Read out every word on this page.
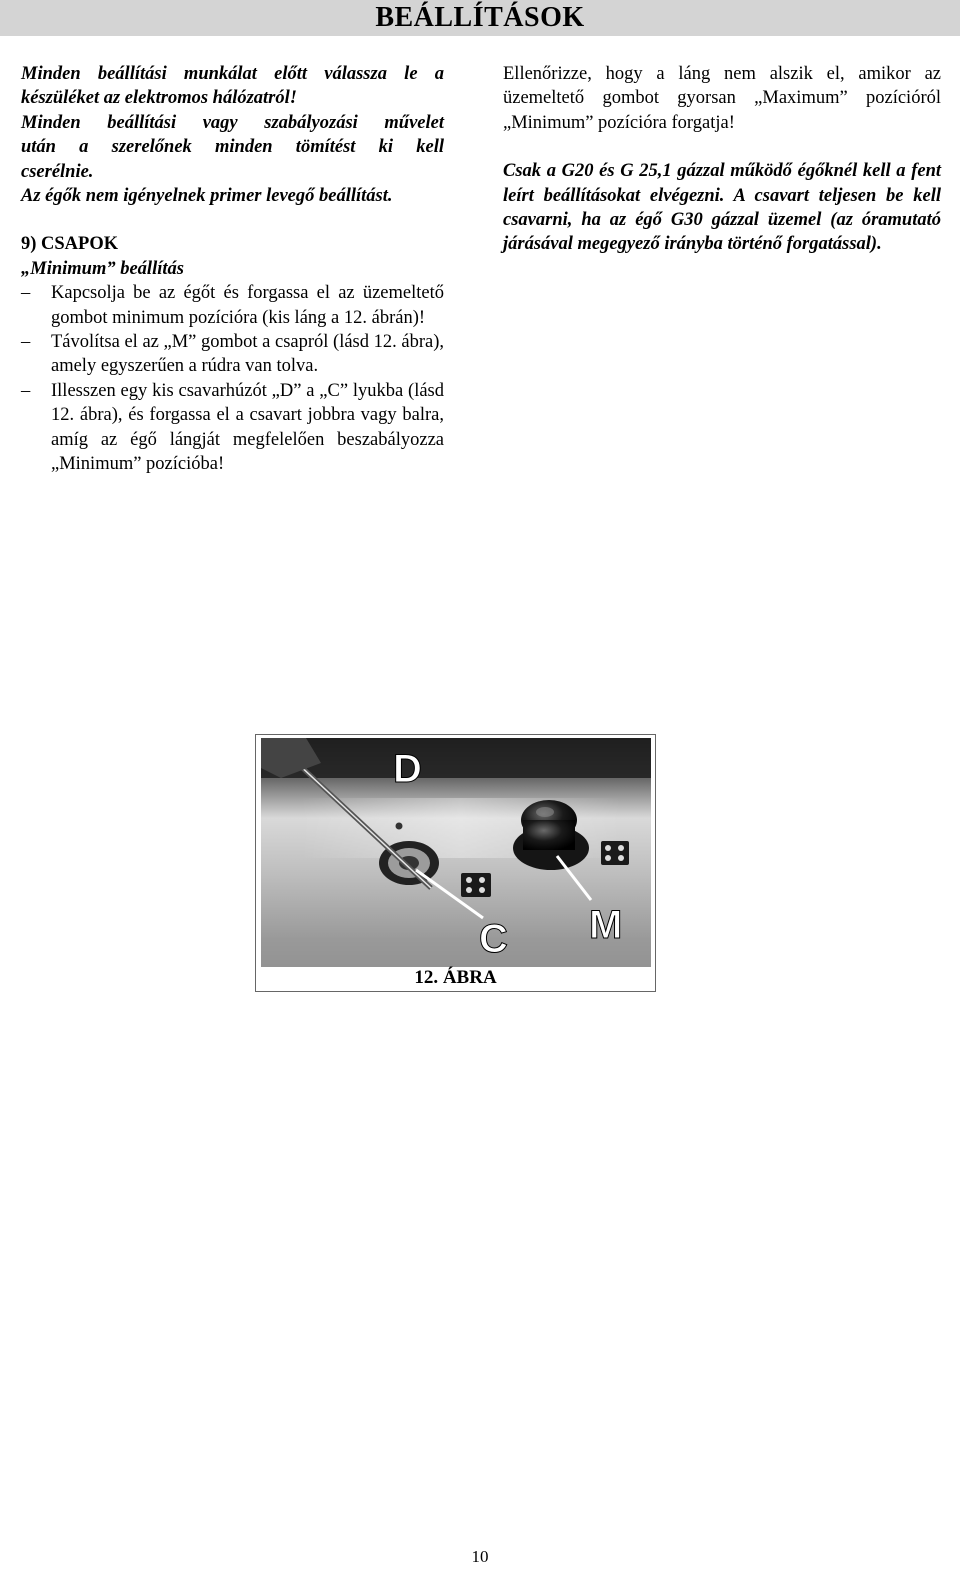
BEÁLLÍTÁSOK
Minden beállítási munkálat előtt válassza le a
készüléket az elektromos hálózatról!
Minden beállítási vagy szabályozási művelet
után a szerelőnek minden tömítést ki kell
cserélnie.
Az égők nem igényelnek primer levegő beállítást.

9) CSAPOK

„Minimum” beállítás

–	Kapcsolja be az égőt és forgassa el az üzemeltető gombot minimum pozícióra (kis láng a 12. ábrán)!
–	Távolítsa el az „M” gombot a csapról (lásd 12. ábra), amely egyszerűen a rúdra van tolva.
–	Illesszen egy kis csavarhúzót „D” a „C” lyukba (lásd 12. ábra), és forgassa el a csavart jobbra vagy balra, amíg az égő lángját megfelelően beszabályozza „Minimum” pozícióba!

Ellenőrizze, hogy a láng nem alszik el, amikor az üzemeltető gombot gyorsan „Maximum” pozícióról „Minimum” pozícióra forgatja!

Csak a G20 és G 25,1 gázzal működő égőknél kell a fent leírt beállításokat elvégezni. A csavart teljesen be kell csavarni, ha az égő G30 gázzal üzemel (az óramutató járásával megegyező irányba történő forgatással).

D
C M
12. ÁBRA
10
